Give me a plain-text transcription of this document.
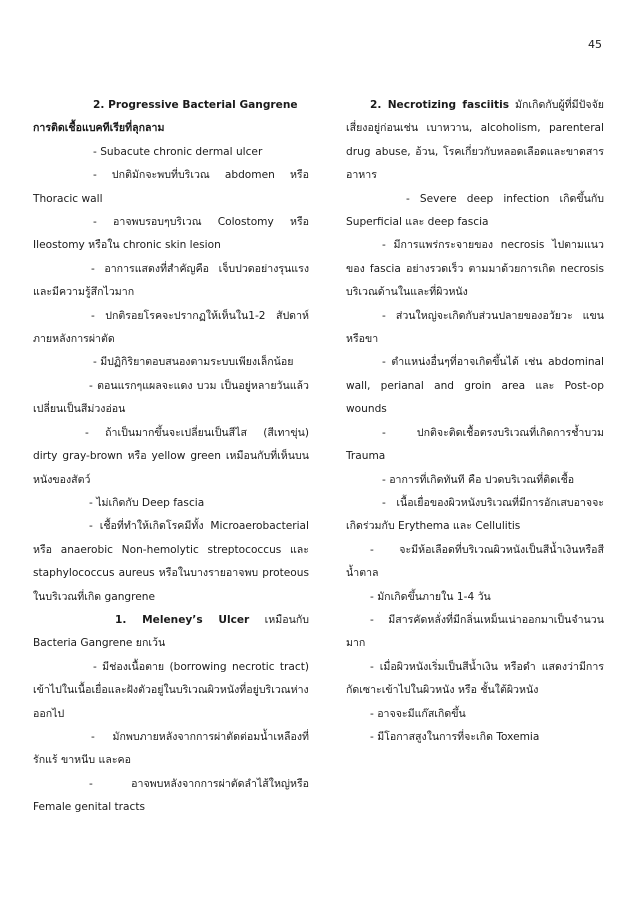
45

2. Progressive Bacterial Gangrene

การติดเชื้อแบคทีเรียที่ลุกลาม

- Subacute chronic dermal ulcer

- ปกติมักจะพบที่บริเวณ abdomen หรือ Thoracic wall

- อาจพบรอบๆบริเวณ Colostomy หรือ Ileostomy หรือใน chronic skin lesion

- อาการแสดงที่สำคัญคือ เจ็บปวดอย่างรุนแรงและมีความรู้สึกไวมาก

- ปกติรอยโรคจะปรากฏให้เห็นใน1-2 สัปดาห์ภายหลังการผ่าตัด

- มีปฏิกิริยาตอบสนองตามระบบเพียงเล็กน้อย

- ตอนแรกๆแผลจะแดง บวม เป็นอยู่หลายวันแล้วเปลี่ยนเป็นสีม่วงอ่อน

- ถ้าเป็นมากขึ้นจะเปลี่ยนเป็นสีไส (สีเทาขุ่น) dirty gray-brown หรือ yellow green เหมือนกับที่เห็นบนหนังของสัตว์

- ไม่เกิดกับ Deep fascia

- เชื้อที่ทำให้เกิดโรคมีทั้ง Microaerobacterial หรือ anaerobic Non-hemolytic streptococcus และ staphylococcus aureus หรือในบางรายอาจพบ proteous ในบริเวณที่เกิด gangrene

1. Meleney’s Ulcer เหมือนกับ Bacteria Gangrene ยกเว้น

- มีช่องเนื้อตาย (borrowing necrotic tract) เข้าไปในเนื้อเยื่อและฝังตัวอยู่ในบริเวณผิวหนังที่อยู่บริเวณห่างออกไป

- มักพบภายหลังจากการผ่าตัดต่อมน้ำเหลืองที่รักแร้ ขาหนีบ และคอ

- อาจพบหลังจากการผ่าตัดลำไส้ใหญ่หรือ Female genital tracts

2. Necrotizing fasciitis มักเกิดกับผู้ที่มีปัจจัยเสี่ยงอยู่ก่อนเช่น เบาหวาน, alcoholism, parenteral drug abuse, อ้วน, โรคเกี่ยวกับหลอดเลือดและขาดสารอาหาร

- Severe deep infection เกิดขึ้นกับ Superficial และ deep fascia

- มีการแพร่กระจายของ necrosis ไปตามแนวของ fascia อย่างรวดเร็ว ตามมาด้วยการเกิด necrosis บริเวณด้านในและที่ผิวหนัง

- ส่วนใหญ่จะเกิดกับส่วนปลายของอวัยวะ แขน หรือขา

- ตำแหน่งอื่นๆที่อาจเกิดขึ้นได้ เช่น abdominal wall, perianal and groin area และ Post-op wounds

- ปกติจะติดเชื้อตรงบริเวณที่เกิดการช้ำบวม Trauma

- อาการที่เกิดทันที คือ ปวดบริเวณที่ติดเชื้อ

- เนื้อเยื่อของผิวหนังบริเวณที่มีการอักเสบอาจจะเกิดร่วมกับ Erythema และ Cellulitis

- จะมีห้อเลือดที่บริเวณผิวหนังเป็นสีน้ำเงินหรือสีน้ำตาล

- มักเกิดขึ้นภายใน 1-4 วัน

- มีสารคัดหลั่งที่มีกลิ่นเหม็นเน่าออกมาเป็นจำนวนมาก

- เมื่อผิวหนังเริ่มเป็นสีน้ำเงิน หรือดำ แสดงว่ามีการกัดเซาะเข้าไปในผิวหนัง หรือ ชั้นใต้ผิวหนัง

- อาจจะมีแก๊สเกิดขึ้น

- มีโอกาสสูงในการที่จะเกิด Toxemia
